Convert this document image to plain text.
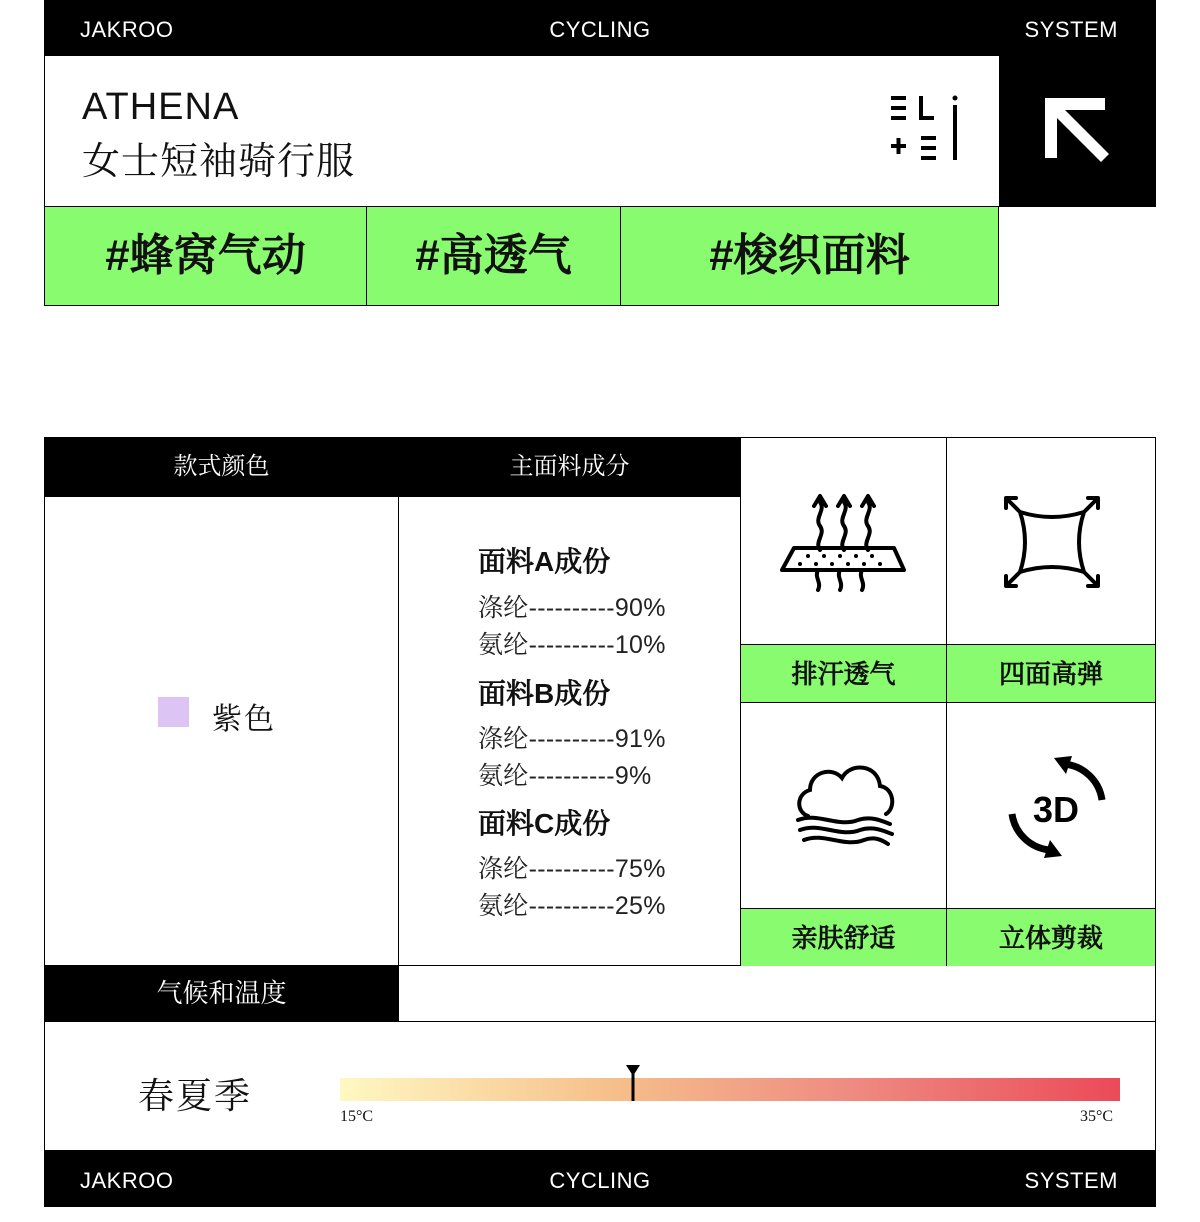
CYCLING
JAKROO	SYSTEM
ATHENA
女士短袖骑行服
#蜂窝气动	#高透气	#梭织面料
款式颜色	主面料成分
紫色
面料A成份
涤纶----------90%
氨纶----------10%
面料B成份
涤纶----------91%
氨纶----------9%
面料C成份
涤纶----------75%
氨纶----------25%
3D
排汗透气	四面高弹
亲肤舒适	立体剪裁
气候和温度
春夏季
15°C	35°C
CYCLING
JAKROO	SYSTEM
